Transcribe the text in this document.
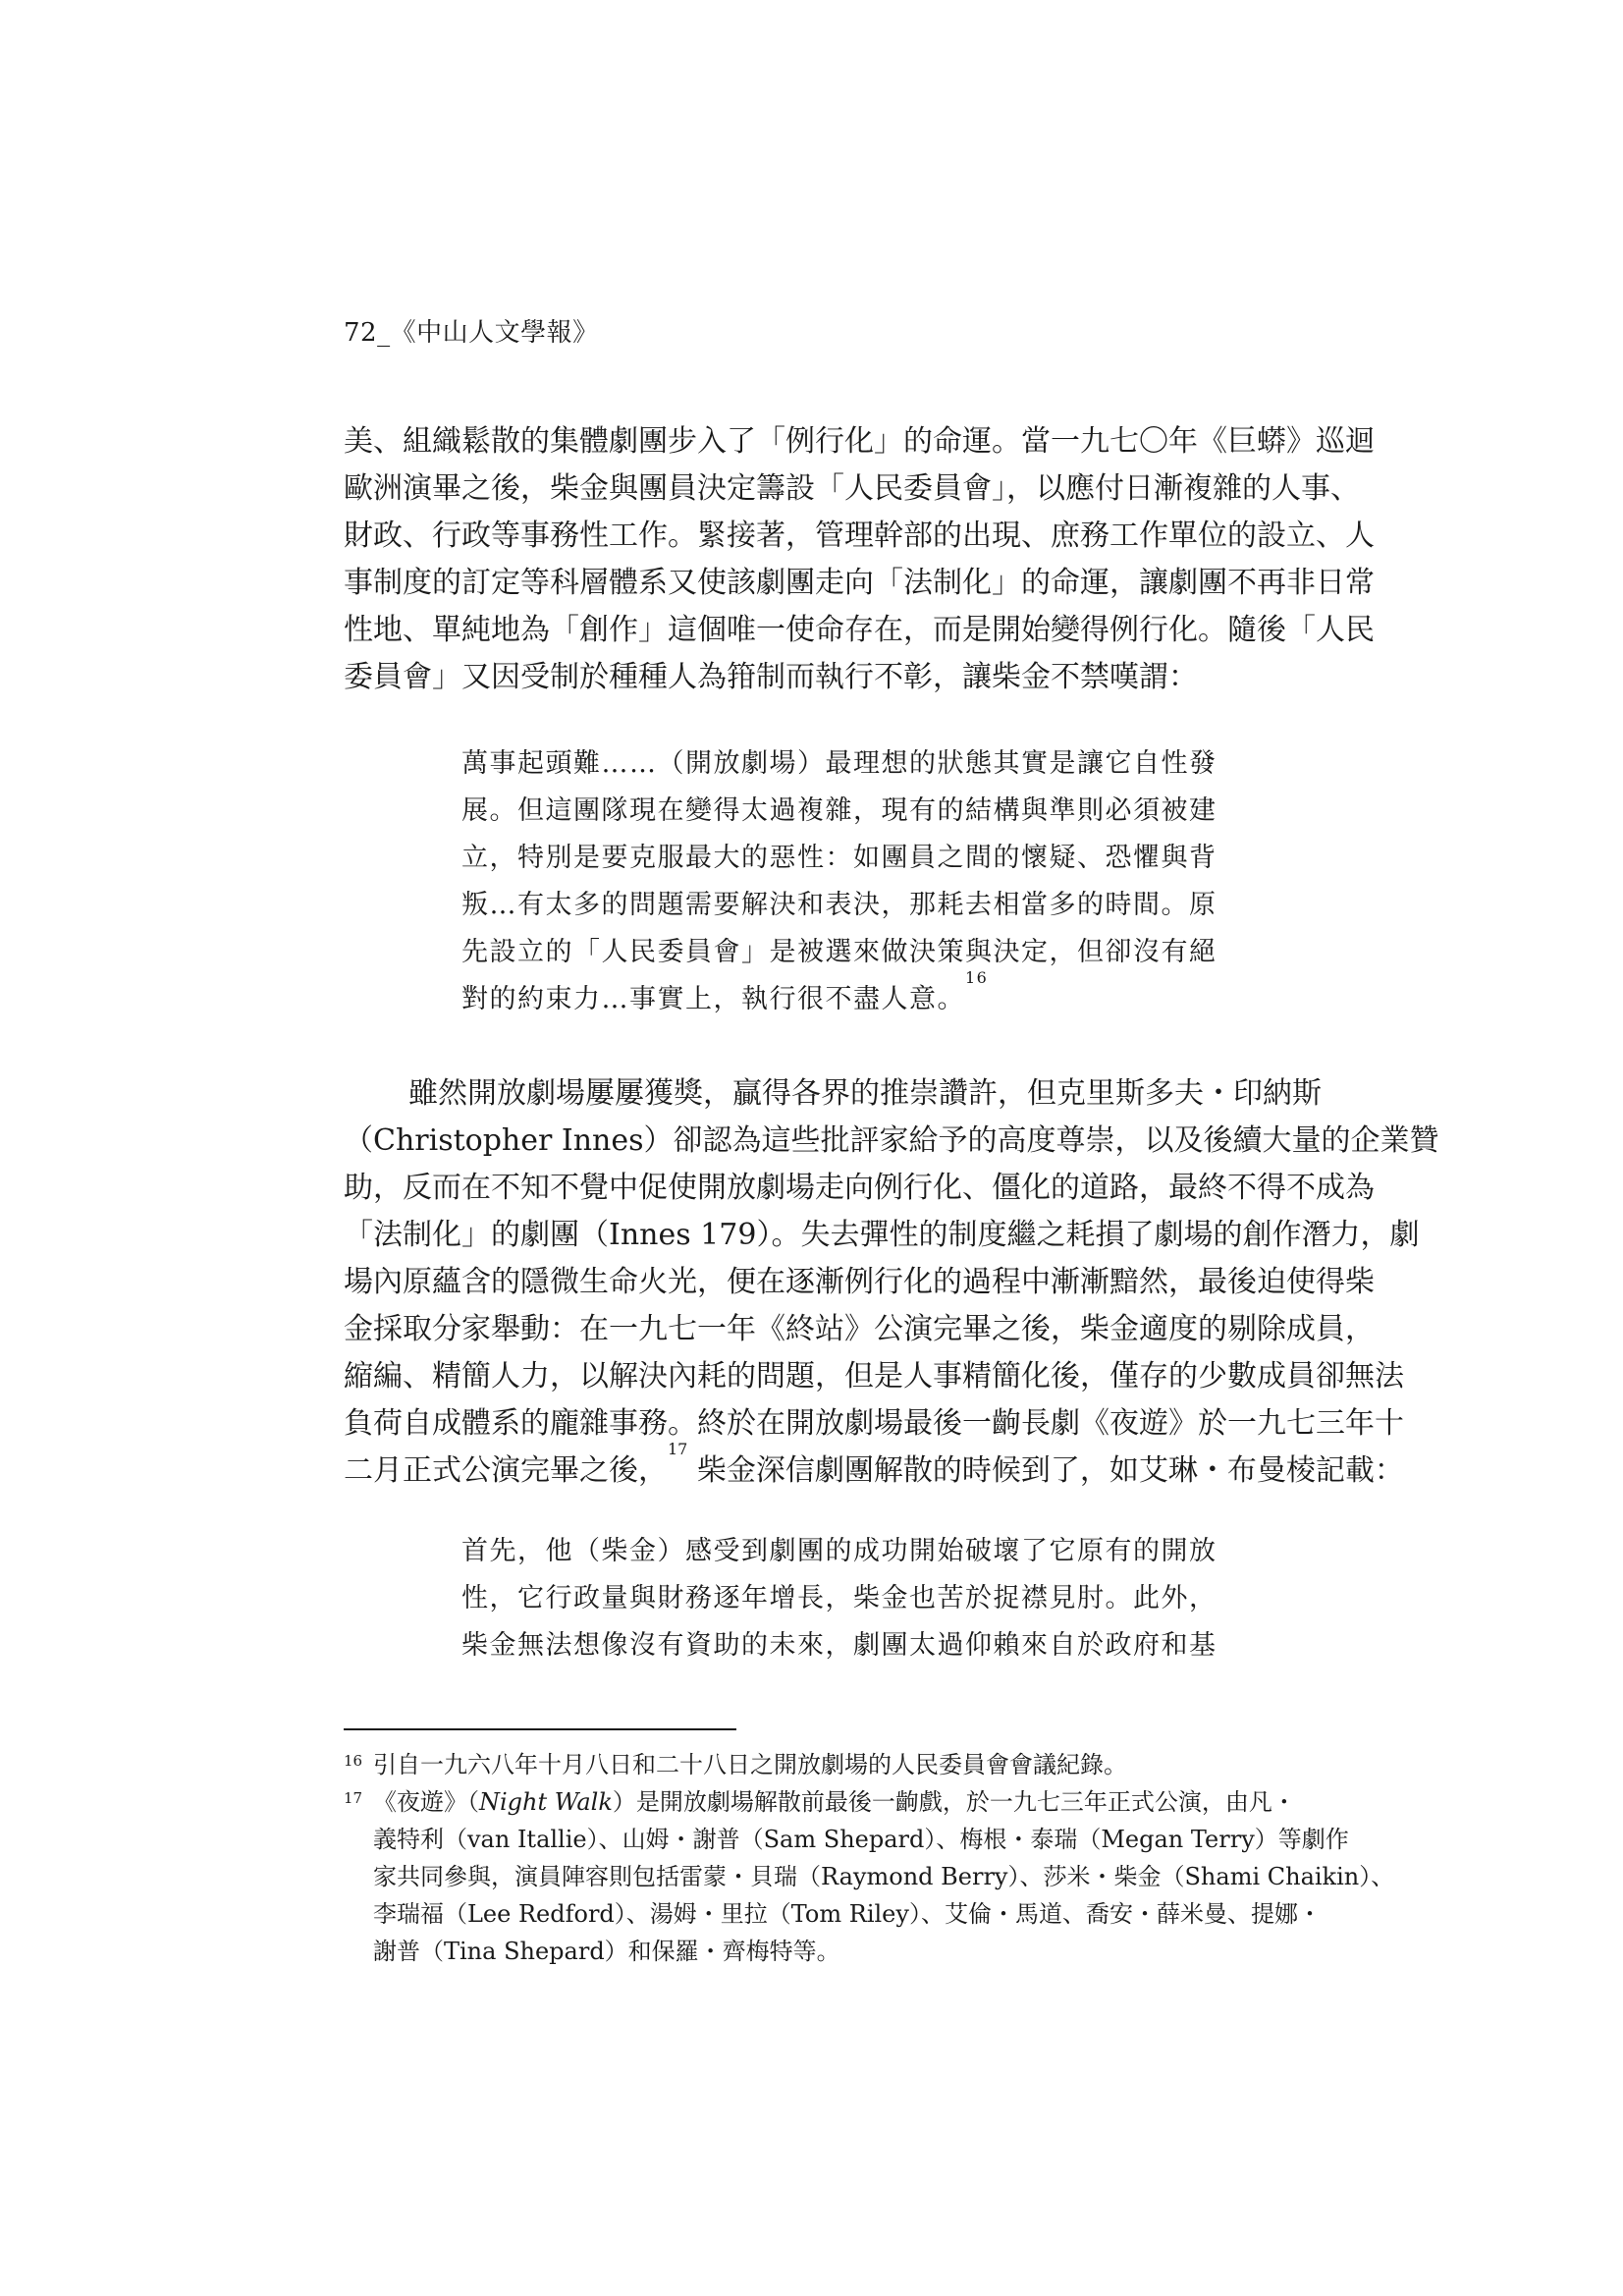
72_《中山人文學報》
美、組織鬆散的集體劇團步入了「例行化」的命運。當一九七〇年《巨蟒》巡迴
歐洲演畢之後，柴金與團員決定籌設「人民委員會」，以應付日漸複雜的人事、
財政、行政等事務性工作。緊接著，管理幹部的出現、庶務工作單位的設立、人
事制度的訂定等科層體系又使該劇團走向「法制化」的命運，讓劇團不再非日常
性地、單純地為「創作」這個唯一使命存在，而是開始變得例行化。隨後「人民
委員會」又因受制於種種人為箝制而執行不彰，讓柴金不禁嘆謂：
萬事起頭難……（開放劇場）最理想的狀態其實是讓它自性發
展。但這團隊現在變得太過複雜，現有的結構與準則必須被建
立，特別是要克服最大的惡性：如團員之間的懷疑、恐懼與背
叛…有太多的問題需要解決和表決，那耗去相當多的時間。原
先設立的「人民委員會」是被選來做決策與決定，但卻沒有絕
對的約束力…事實上，執行很不盡人意。$^{16}$
雖然開放劇場屢屢獲獎，贏得各界的推崇讚許，但克里斯多夫・印納斯
（Christopher Innes）卻認為這些批評家給予的高度尊崇，以及後續大量的企業贊
助，反而在不知不覺中促使開放劇場走向例行化、僵化的道路，最終不得不成為
「法制化」的劇團（Innes 179）。失去彈性的制度繼之耗損了劇場的創作潛力，劇
場內原蘊含的隱微生命火光，便在逐漸例行化的過程中漸漸黯然，最後迫使得柴
金採取分家舉動：在一九七一年《終站》公演完畢之後，柴金適度的剔除成員，
縮編、精簡人力，以解決內耗的問題，但是人事精簡化後，僅存的少數成員卻無法
負荷自成體系的龐雜事務。終於在開放劇場最後一齣長劇《夜遊》於一九七三年十
二月正式公演完畢之後，$^{17}$ 柴金深信劇團解散的時候到了，如艾琳・布曼棱記載：
首先，他（柴金）感受到劇團的成功開始破壞了它原有的開放
性，它行政量與財務逐年增長，柴金也苦於捉襟見肘。此外，
柴金無法想像沒有資助的未來，劇團太過仰賴來自於政府和基
16 引自一九六八年十月八日和二十八日之開放劇場的人民委員會會議紀錄。
17 《夜遊》（Night Walk）是開放劇場解散前最後一齣戲，於一九七三年正式公演，由凡・
義特利（van Itallie）、山姆・謝普（Sam Shepard）、梅根・泰瑞（Megan Terry）等劇作
家共同參與，演員陣容則包括雷蒙・貝瑞（Raymond Berry）、莎米・柴金（Shami Chaikin）、
李瑞福（Lee Redford）、湯姆・里拉（Tom Riley）、艾倫・馬道、喬安・薛米曼、提娜・
謝普（Tina Shepard）和保羅・齊梅特等。
